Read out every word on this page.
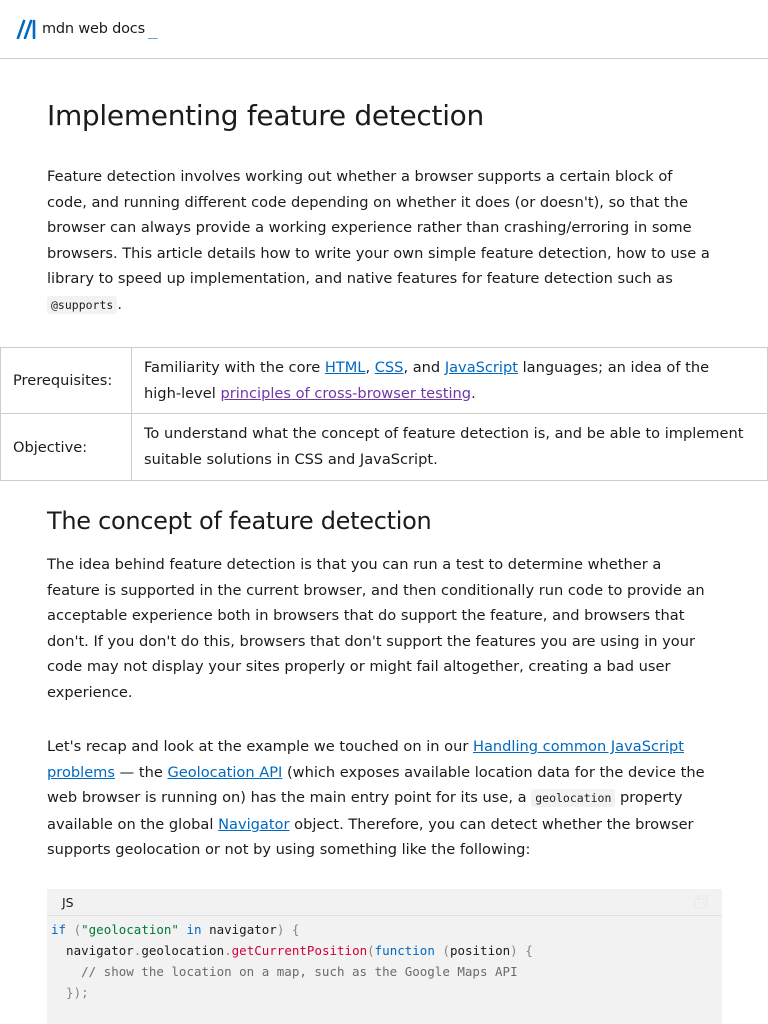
mdn web docs _
Implementing feature detection

Feature detection involves working out whether a browser supports a certain block of

code, and running different code depending on whether it does (or doesn't), so that the

browser can always provide a working experience rather than crashing/erroring in some

browsers. This article details how to write your own simple feature detection, how to use a

library to speed up implementation, and native features for feature detection such as

@supports .

Prerequisites:
Familiarity with the core HTML, CSS, and JavaScript languages; an idea of the
high-level principles of cross-browser testing.
Objective:
To understand what the concept of feature detection is, and be able to implement
suitable solutions in CSS and JavaScript.
The concept of feature detection

The idea behind feature detection is that you can run a test to determine whether a

feature is supported in the current browser, and then conditionally run code to provide an

acceptable experience both in browsers that do support the feature, and browsers that

don't. If you don't do this, browsers that don't support the features you are using in your

code may not display your sites properly or might fail altogether, creating a bad user

experience.

Let's recap and look at the example we touched on in our Handling common JavaScript

problems — the Geolocation API (which exposes available location data for the device the

web browser is running on) has the main entry point for its use, a geolocation property

available on the global Navigator object. Therefore, you can detect whether the browser

supports geolocation or not by using something like the following:

JS
if ("geolocation" in navigator) {
navigator.geolocation.getCurrentPosition(function (position) {
// show the location on a map, such as the Google Maps API
});
